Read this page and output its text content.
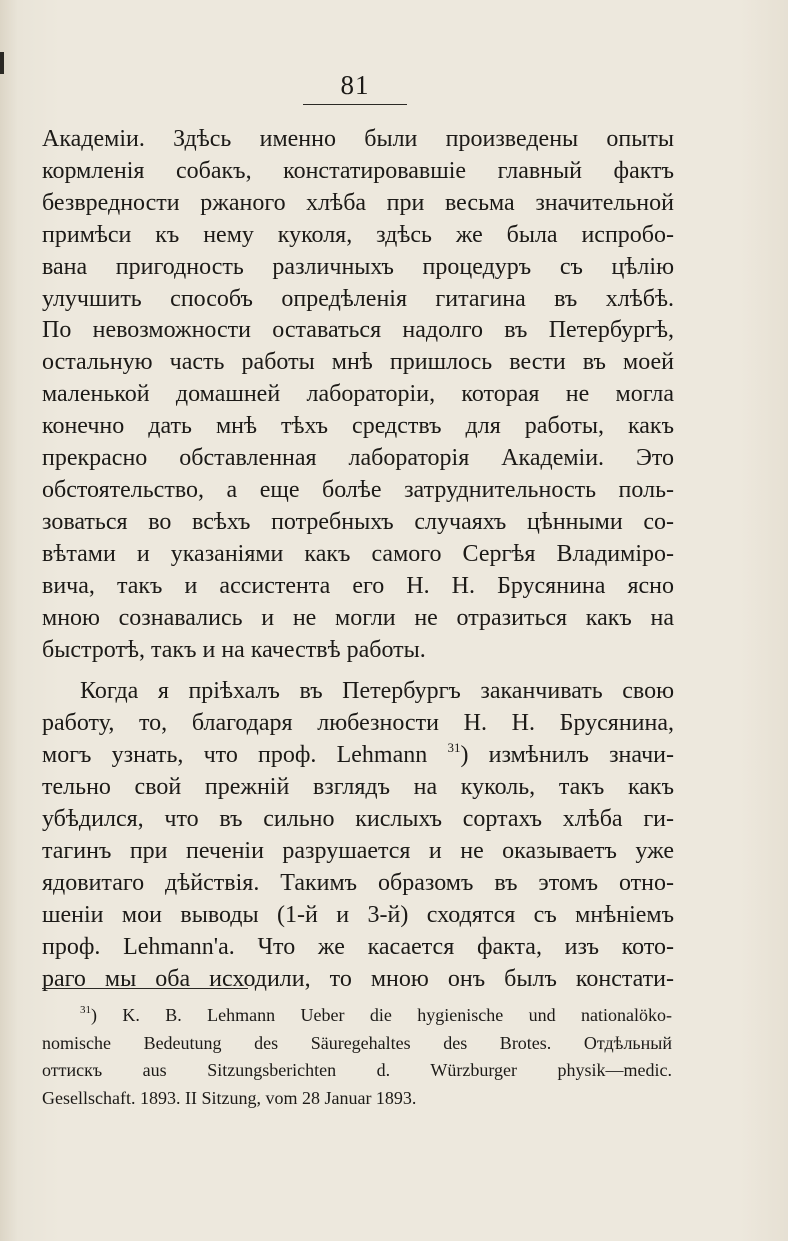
81
Академіи. Здѣсь именно были произведены опыты
кормленія собакъ, констатировавшіе главный фактъ
безвредности ржаного хлѣба при весьма значительной
примѣси къ нему куколя, здѣсь же была испробо-
вана пригодность различныхъ процедуръ съ цѣлію
улучшить способъ опредѣленія гитагина въ хлѣбѣ.
По невозможности оставаться надолго въ Петербургѣ,
остальную часть работы мнѣ пришлось вести въ моей
маленькой домашней лабораторіи, которая не могла
конечно дать мнѣ тѣхъ средствъ для работы, какъ
прекрасно обставленная лабораторія Академіи. Это
обстоятельство, а еще болѣе затруднительность поль-
зоваться во всѣхъ потребныхъ случаяхъ цѣнными со-
вѣтами и указаніями какъ самого Сергѣя Владиміро-
вича, такъ и ассистента его Н. Н. Брусянина ясно
мною сознавались и не могли не отразиться какъ на
быстротѣ, такъ и на качествѣ работы.
Когда я пріѣхалъ въ Петербургъ заканчивать свою
работу, то, благодаря любезности Н. Н. Брусянина,
могъ узнать, что проф. Lehmann $^{31}$) измѣнилъ значи-
тельно свой прежній взглядъ на куколь, такъ какъ
убѣдился, что въ сильно кислыхъ сортахъ хлѣба ги-
тагинъ при печеніи разрушается и не оказываетъ уже
ядовитаго дѣйствія. Такимъ образомъ въ этомъ отно-
шеніи мои выводы (1-й и 3-й) сходятся съ мнѣніемъ
проф. Lehmann'a. Что же касается факта, изъ кото-
раго мы оба исходили, то мною онъ былъ констати-
$^{31}$) K. B. Lehmann Ueber die hygienische und nationalöko-
nomische Bedeutung des Säuregehaltes des Brotes. Отдѣльный
оттискъ aus Sitzungsberichten d. Würzburger physik—medic.
Gesellschaft. 1893. II Sitzung, vom 28 Januar 1893.
